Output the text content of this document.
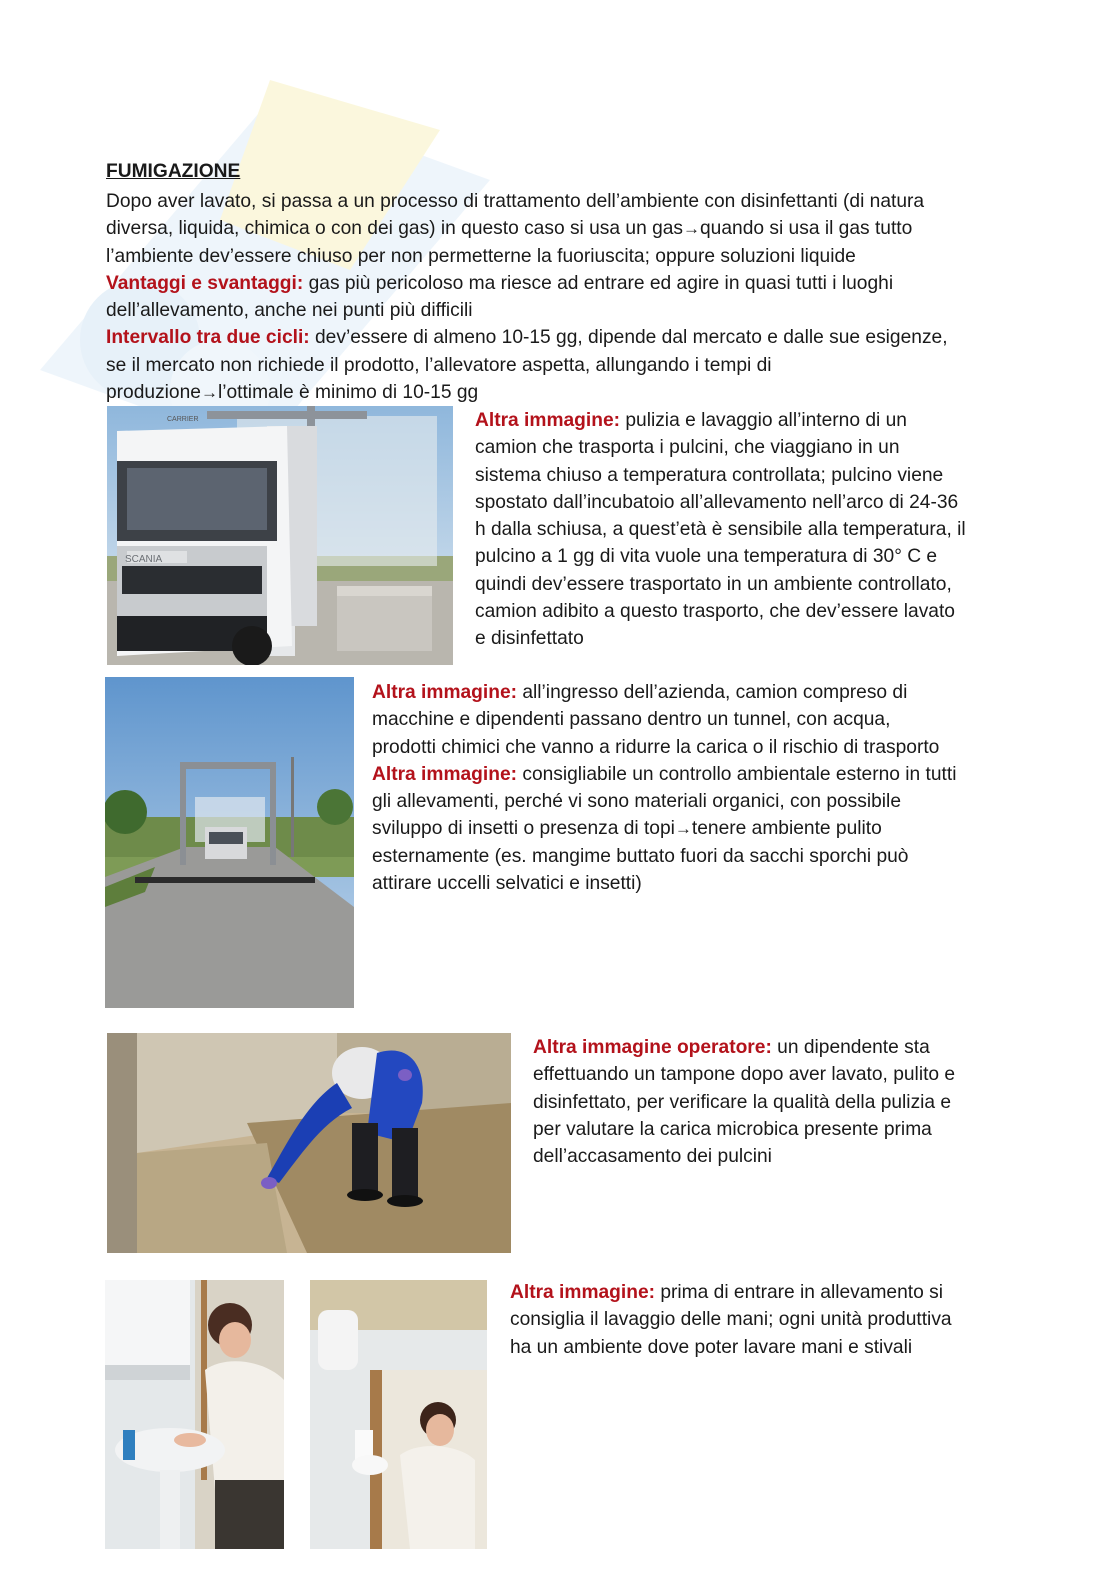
FUMIGAZIONE
Dopo aver lavato, si passa a un processo di trattamento dell’ambiente con disinfettanti (di natura
diversa, liquida, chimica o con dei gas) in questo caso si usa un gas→quando si usa il gas tutto
l’ambiente dev’essere chiuso per non permetterne la fuoriuscita; oppure soluzioni liquide
Vantaggi e svantaggi: gas più pericoloso ma riesce ad entrare ed agire in quasi tutti i luoghi
dell’allevamento, anche nei punti più difficili
Intervallo tra due cicli: dev’essere di almeno 10-15 gg, dipende dal mercato e dalle sue esigenze,
se il mercato non richiede il prodotto, l’allevatore aspetta, allungando i tempi di
produzione→l’ottimale è minimo di 10-15 gg
SCANIA
CARRIER	Altra immagine: pulizia e lavaggio all’interno di un
camion che trasporta i pulcini, che viaggiano in un
sistema chiuso a temperatura controllata; pulcino viene
spostato dall’incubatoio all’allevamento nell’arco di 24-36
h dalla schiusa, a quest’età è sensibile alla temperatura, il
pulcino a 1 gg di vita vuole una temperatura di 30° C e
quindi dev’essere trasportato in un ambiente controllato,
camion adibito a questo trasporto, che dev’essere lavato
e disinfettato
Altra immagine: all’ingresso dell’azienda, camion compreso di
macchine e dipendenti passano dentro un tunnel, con acqua,
prodotti chimici che vanno a ridurre la carica o il rischio di trasporto
Altra immagine: consigliabile un controllo ambientale esterno in tutti
gli allevamenti, perché vi sono materiali organici, con possibile
sviluppo di insetti o presenza di topi→tenere ambiente pulito
esternamente (es. mangime buttato fuori da sacchi sporchi può
attirare uccelli selvatici e insetti)
Altra immagine operatore: un dipendente sta
effettuando un tampone dopo aver lavato, pulito e
disinfettato, per verificare la qualità della pulizia e
per valutare la carica microbica presente prima
dell’accasamento dei pulcini
Altra immagine: prima di entrare in allevamento si
consiglia il lavaggio delle mani; ogni unità produttiva
ha un ambiente dove poter lavare mani e stivali
